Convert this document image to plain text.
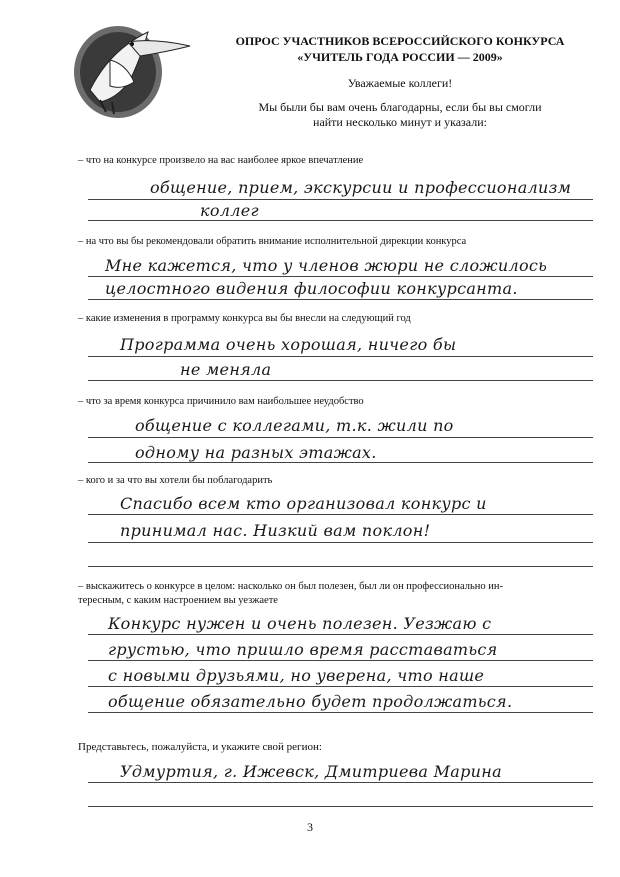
ОПРОС УЧАСТНИКОВ ВСЕРОССИЙСКОГО КОНКУРСА
«УЧИТЕЛЬ ГОДА РОССИИ — 2009»
Уважаемые коллеги!
Мы были бы вам очень благодарны, если бы вы смогли
найти несколько минут и указали:
– что на конкурсе произвело на вас наиболее яркое впечатление
общение, прием, экскурсии и профессионализм
коллег
– на что вы бы рекомендовали обратить внимание исполнительной дирекции конкурса
Мне кажется, что у членов жюри не сложилось
целостного видения философии конкурсанта.
– какие изменения в программу конкурса вы бы внесли на следующий год
Программа очень хорошая, ничего бы
не меняла
– что за время конкурса причинило вам наибольшее неудобство
общение с коллегами, т.к. жили по
одному на разных этажах.
– кого и за что вы хотели бы поблагодарить
Спасибо всем кто организовал конкурс и
принимал нас. Низкий вам поклон!
– выскажитесь о конкурсе в целом: насколько он был полезен, был ли он профессионально ин-
тересным, с каким настроением вы уезжаете
Конкурс нужен и очень полезен. Уезжаю с
грустью, что пришло время расставаться
с новыми друзьями, но уверена, что наше
общение обязательно будет продолжаться.
Представьтесь, пожалуйста, и укажите свой регион:
Удмуртия, г. Ижевск, Дмитриева Марина
3
